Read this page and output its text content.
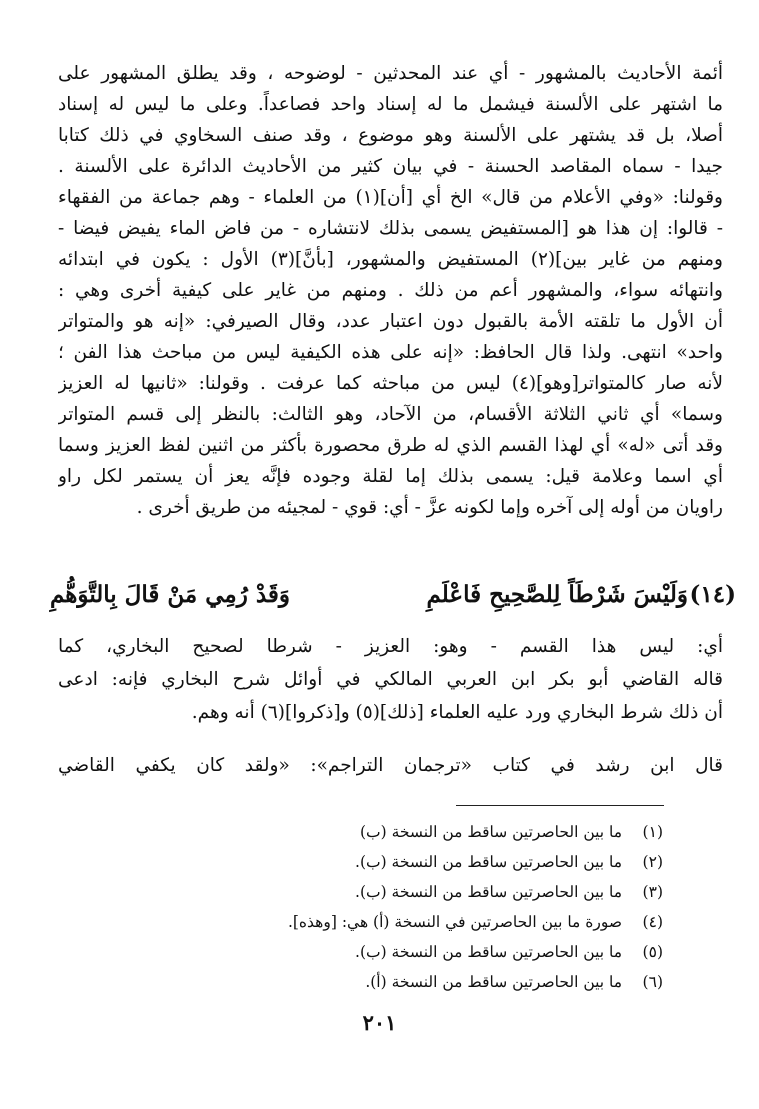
أئمة الأحاديث بالمشهور - أي عند المحدثين - لوضوحه ، وقد يطلق المشهور على
ما اشتهر على الألسنة فيشمل ما له إسناد واحد فصاعداً. وعلى ما ليس له إسناد
أصلا، بل قد يشتهر على الألسنة وهو موضوع ، وقد صنف السخاوي في ذلك كتابا
جيدا - سماه المقاصد الحسنة - في بيان كثير من الأحاديث الدائرة على الألسنة .
وقولنا: «وفي الأعلام من قال» الخ أي [أن](١) من العلماء - وهم جماعة من الفقهاء
- قالوا: إن هذا هو [المستفيض يسمى بذلك لانتشاره - من فاض الماء يفيض فيضا -
ومنهم من غاير بين](٢) المستفيض والمشهور، [بأنَّ](٣) الأول : يكون في ابتدائه
وانتهائه سواء، والمشهور أعم من ذلك . ومنهم من غاير على كيفية أخرى وهي :
أن الأول ما تلقته الأمة بالقبول دون اعتبار عدد، وقال الصيرفي: «إنه هو والمتواتر
واحد» انتهى. ولذا قال الحافظ: «إنه على هذه الكيفية ليس من مباحث هذا الفن ؛
لأنه صار كالمتواتر[وهو](٤) ليس من مباحثه كما عرفت . وقولنا: «ثانيها له العزيز
وسما» أي ثاني الثلاثة الأقسام، من الآحاد، وهو الثالث: بالنظر إلى قسم المتواتر
وقد أتى «له» أي لهذا القسم الذي له طرق محصورة بأكثر من اثنين لفظ العزيز وسما
أي اسما وعلامة قيل: يسمى بذلك إما لقلة وجوده فإنَّه يعز أن يستمر لكل راو
راويان من أوله إلى آخره وإما لكونه عزَّ - أي: قوي - لمجيئه من طريق أخرى .
(١٤)
وَلَيْسَ شَرْطَاً لِلصَّحِيحِ فَاعْلَمِ
وَقَدْ رُمِي مَنْ قَالَ بِالتَّوَهُّمِ
أي: ليس هذا القسم - وهو: العزيز - شرطا لصحيح البخاري، كما
قاله القاضي أبو بكر ابن العربي المالكي في أوائل شرح البخاري فإنه: ادعى
أن ذلك شرط البخاري ورد عليه العلماء [ذلك](٥) و[ذكروا](٦) أنه وهم.
قال ابن رشد في كتاب «ترجمان التراجم»: «ولقد كان يكفي القاضي
(١) ما بين الحاصرتين ساقط من النسخة (ب)
(٢) ما بين الحاصرتين ساقط من النسخة (ب).
(٣) ما بين الحاصرتين ساقط من النسخة (ب).
(٤) صورة ما بين الحاصرتين في النسخة (أ) هي: [وهذه].
(٥) ما بين الحاصرتين ساقط من النسخة (ب).
(٦) ما بين الحاصرتين ساقط من النسخة (أ).
٢٠١
